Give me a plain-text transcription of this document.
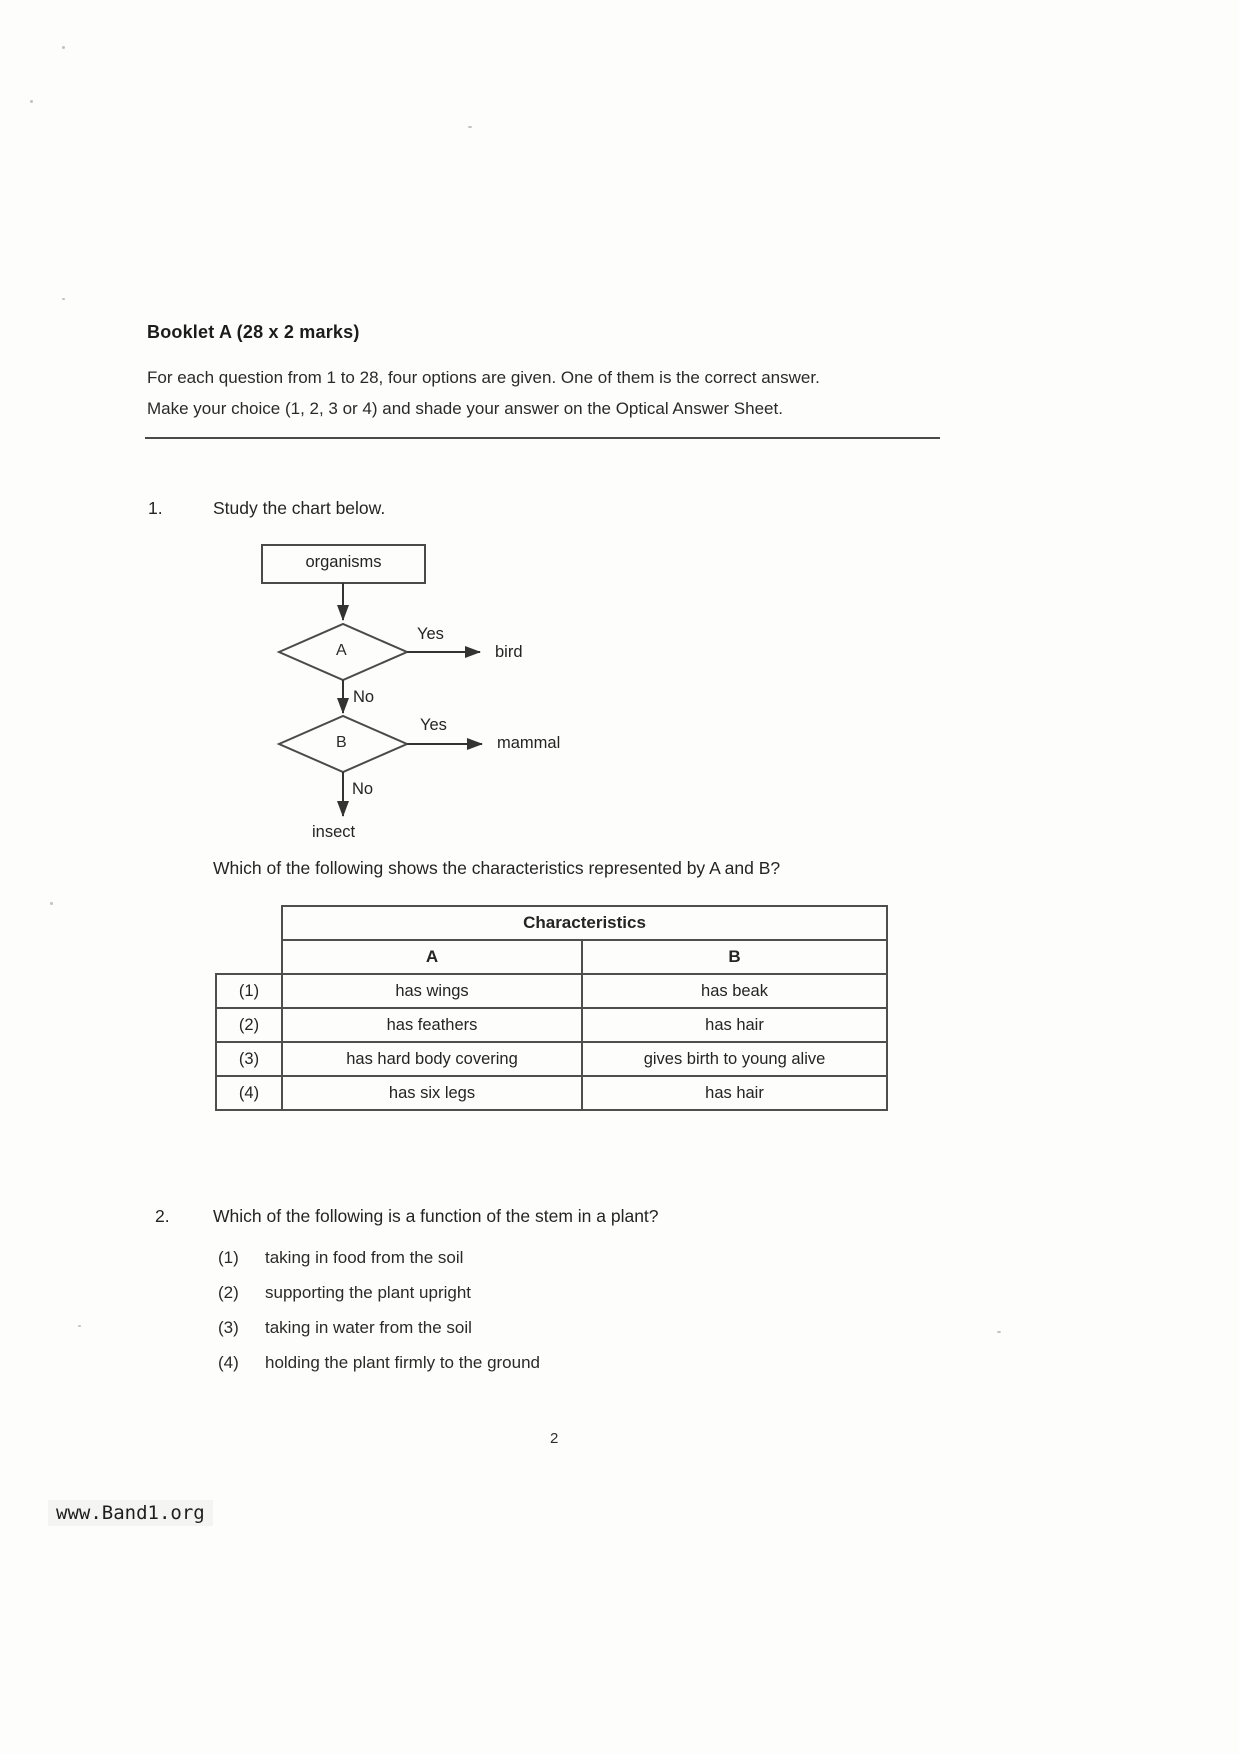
Booklet A (28 x 2 marks)
For each question from 1 to 28, four options are given. One of them is the correct answer.
Make your choice (1, 2, 3 or 4) and shade your answer on the Optical Answer Sheet.
1.	Study the chart below.
organisms
A
Yes
bird
No
B
Yes
mammal
No
insect
Which of the following shows the characteristics represented by A and B?
	Characteristics	
	A	B
(1)	has wings	has beak
(2)	has feathers	has hair
(3)	has hard body covering	gives birth to young alive
(4)	has six legs	has hair
2. Which of the following is a function of the stem in a plant?
(1) taking in food from the soil
(2) supporting the plant upright
(3) taking in water from the soil
(4) holding the plant firmly to the ground
2
www.Band1.org
